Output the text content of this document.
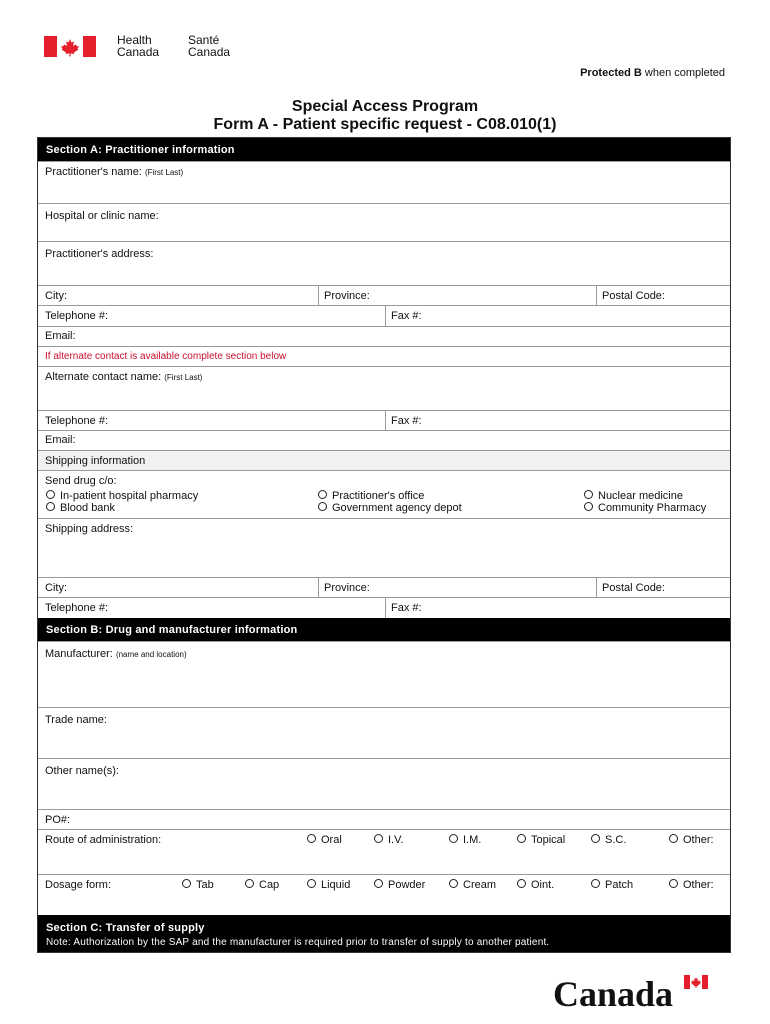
Health
Canada
Santé
Canada
Protected B when completed
Special Access Program
Form A - Patient specific request - C08.010(1)
Section A: Practitioner information
Practitioner's name: (First Last)
Hospital or clinic name:
Practitioner's address:
City:	Province:	Postal Code:
Telephone #:	Fax #:
Email:
If alternate contact is available complete section below
Alternate contact name: (First Last)
Telephone #:	Fax #:
Email:
Shipping information
Send drug c/o:
In-patient hospital pharmacy
Blood bank
Practitioner's office
Government agency depot
Nuclear medicine
Community Pharmacy
Shipping address:
City:	Province:	Postal Code:
Telephone #:	Fax #:
Section B: Drug and manufacturer information
Manufacturer: (name and location)
Trade name:
Other name(s):
PO#:
Route of administration:	Oral	I.V.	I.M.	Topical	S.C.	Other:
Dosage form:	Tab	Cap	Liquid	Powder	Cream	Oint.	Patch	Other:
Section C: Transfer of supply
Note: Authorization by the SAP and the manufacturer is required prior to transfer of supply to another patient.
Canada
